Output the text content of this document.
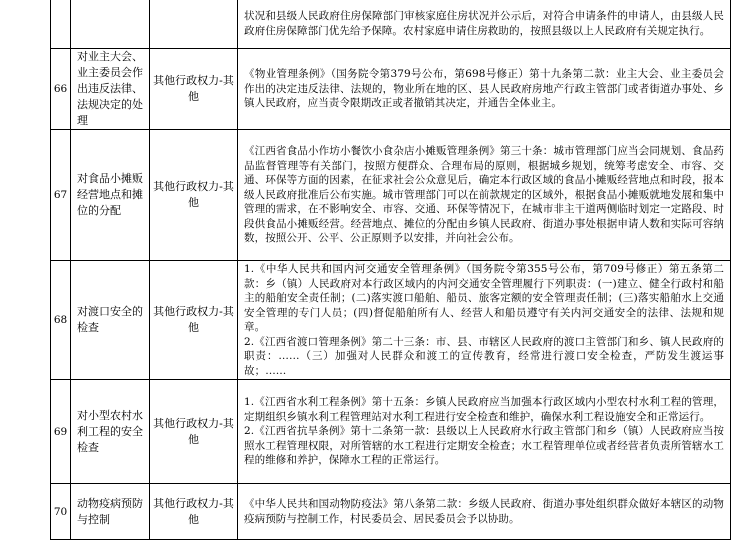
			状况和县级人民政府住房保障部门审核家庭住房状况并公示后，对符合申请条件的申请人，由县级人民政府住房保障部门优先给予保障。农村家庭申请住房救助的，按照县级以上人民政府有关规定执行。

66	对业主大会、业主委员会作出违反法律、法规决定的处理	其他行政权力-其他	《物业管理条例》（国务院令第379号公布，第698号修正）第十九条第二款：业主大会、业主委员会作出的决定违反法律、法规的，物业所在地的区、县人民政府房地产行政主管部门或者街道办事处、乡镇人民政府，应当责令限期改正或者撤销其决定，并通告全体业主。

67	对食品小摊贩经营地点和摊位的分配	其他行政权力-其他	《江西省食品小作坊小餐饮小食杂店小摊贩管理条例》第三十条：城市管理部门应当会同规划、食品药品监督管理等有关部门，按照方便群众、合理布局的原则，根据城乡规划，统筹考虑安全、市容、交通、环保等方面的因素，在征求社会公众意见后，确定本行政区域的食品小摊贩经营地点和时段，报本级人民政府批准后公布实施。城市管理部门可以在前款规定的区域外，根据食品小摊贩就地发展和集中管理的需求，在不影响安全、市容、交通、环保等情况下，在城市非主干道两侧临时划定一定路段、时段供食品小摊贩经营。经营地点、摊位的分配由乡镇人民政府、街道办事处根据申请人数和实际可容纳数，按照公开、公平、公正原则予以安排，并向社会公布。

68	对渡口安全的检查	其他行政权力-其他	1.《中华人民共和国内河交通安全管理条例》（国务院令第355号公布，第709号修正）第五条第二款：乡（镇）人民政府对本行政区域内的内河交通安全管理履行下列职责：(一)建立、健全行政村和船主的船舶安全责任制；(二)落实渡口船舶、船员、旅客定额的安全管理责任制；(三)落实船舶水上交通安全管理的专门人员；(四)督促船舶所有人、经营人和船员遵守有关内河交通安全的法律、法规和规章。

2.《江西省渡口管理条例》第二十三条：市、县、市辖区人民政府的渡口主管部门和乡、镇人民政府的职责：……（三）加强对人民群众和渡工的宣传教育，经常进行渡口安全检查，严防发生渡运事故；……

69	对小型农村水利工程的安全检查	其他行政权力-其他	1.《江西省水利工程条例》第十五条：乡镇人民政府应当加强本行政区域内小型农村水利工程的管理，定期组织乡镇水利工程管理站对水利工程进行安全检查和维护，确保水利工程设施安全和正常运行。

2.《江西省抗旱条例》第十二条第一款：县级以上人民政府水行政主管部门和乡（镇）人民政府应当按照水工程管理权限，对所管辖的水工程进行定期安全检查；水工程管理单位或者经营者负责所管辖水工程的维修和养护，保障水工程的正常运行。

70	动物疫病预防与控制	其他行政权力-其他	《中华人民共和国动物防疫法》第八条第二款：乡级人民政府、街道办事处组织群众做好本辖区的动物疫病预防与控制工作，村民委员会、居民委员会予以协助。
